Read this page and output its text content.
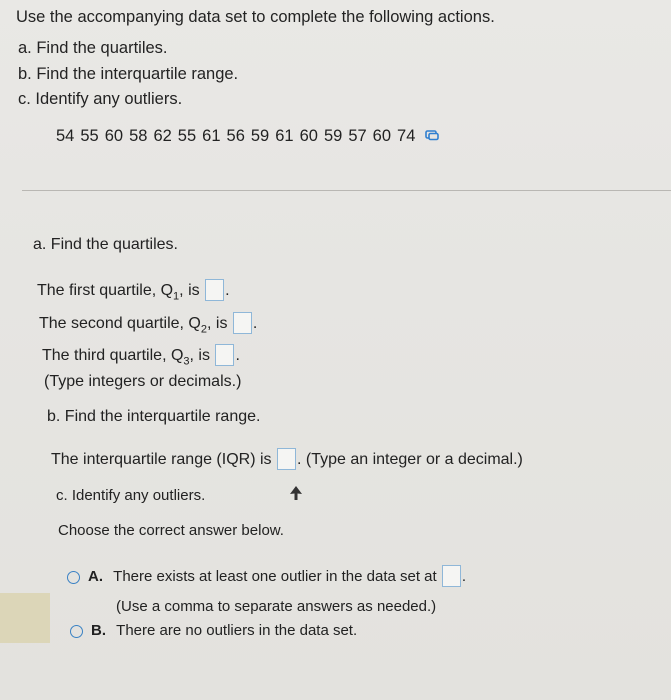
Use the accompanying data set to complete the following actions.
a. Find the quartiles.
b. Find the interquartile range.
c. Identify any outliers.
54 55 60 58 62 55 61 56 59 61 60 59 57 60 74
a. Find the quartiles.
The first quartile, $Q_1$, is .
The second quartile, $Q_2$, is .
The third quartile, $Q_3$, is .
(Type integers or decimals.)
b. Find the interquartile range.
The interquartile range (IQR) is . (Type an integer or a decimal.)
c. Identify any outliers.
Choose the correct answer below.
A. There exists at least one outlier in the data set at .
(Use a comma to separate answers as needed.)
B. There are no outliers in the data set.
